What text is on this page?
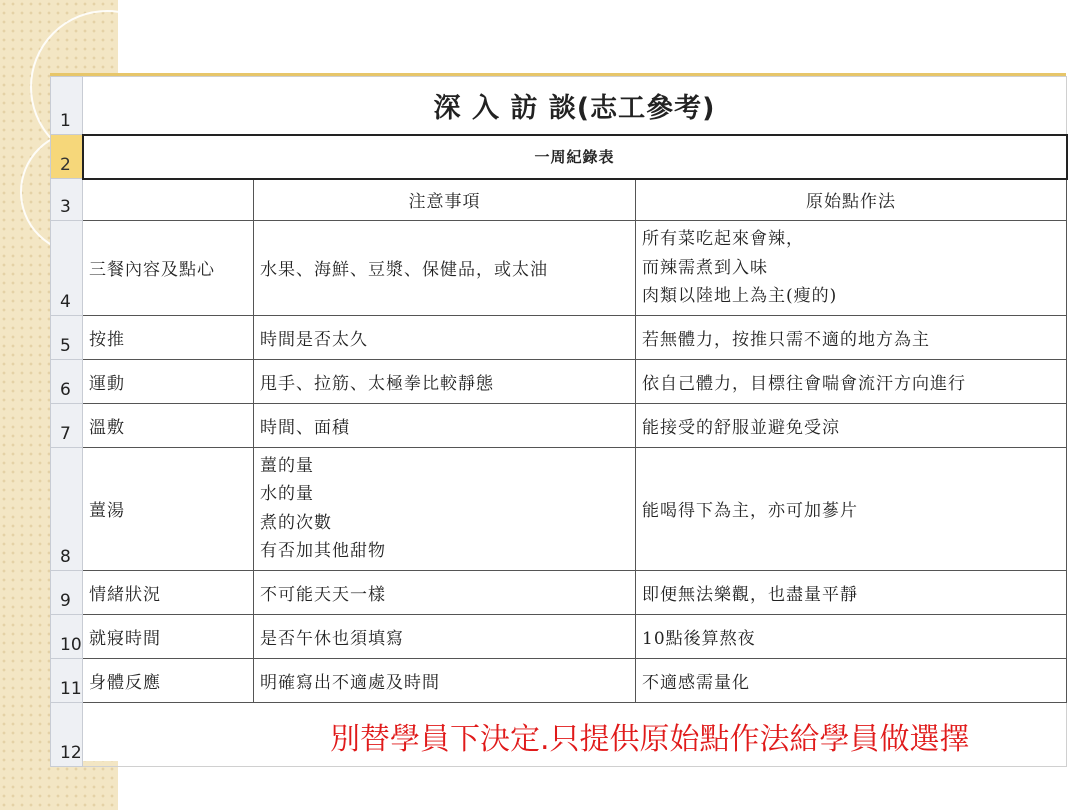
1	深 入 訪 談(志工參考)		
2	一周紀錄表		
3		注意事項	原始點作法
4	三餐內容及點心	水果、海鮮、豆漿、保健品，或太油	所有菜吃起來會辣，
而辣需煮到入味
肉類以陸地上為主(瘦的)

5	按推	時間是否太久	若無體力，按推只需不適的地方為主

6	運動	甩手、拉筋、太極拳比較靜態	依自己體力，目標往會喘會流汗方向進行

7	溫敷	時間、面積	能接受的舒服並避免受涼

8	薑湯	薑的量
水的量
煮的次數
有否加其他甜物	能喝得下為主，亦可加蔘片

9	情緒狀況	不可能天天一樣	即便無法樂觀，也盡量平靜

10	就寢時間	是否午休也須填寫	10點後算熬夜

11	身體反應	明確寫出不適處及時間	不適感需量化

12				別替學員下決定.只提供原始點作法給學員做選擇
